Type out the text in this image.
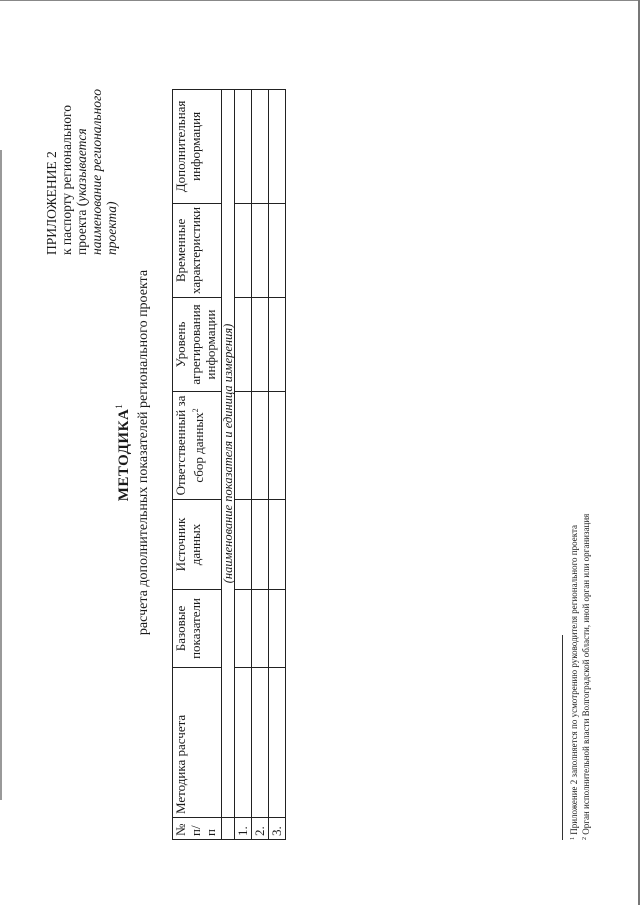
ПРИЛОЖЕНИЕ 2 к паспорту регионального проекта (указывается наименование регионального проекта)
МЕТОДИКА$^1$ расчета дополнительных показателей регионального проекта
№ п/п	Методика расчета	Базовые показатели	Источник данных	Ответственный за сбор данных$^2$	Уровень агрегирования информации	Временные характеристики	Дополнительная информация
	(наименование показателя и единица измерения)						
1.							
2.							
3.							
$^1$ Приложение 2 заполняется по усмотрению руководителя регионального проекта
$^2$ Орган исполнительной власти Волгоградской области, иной орган или организация
